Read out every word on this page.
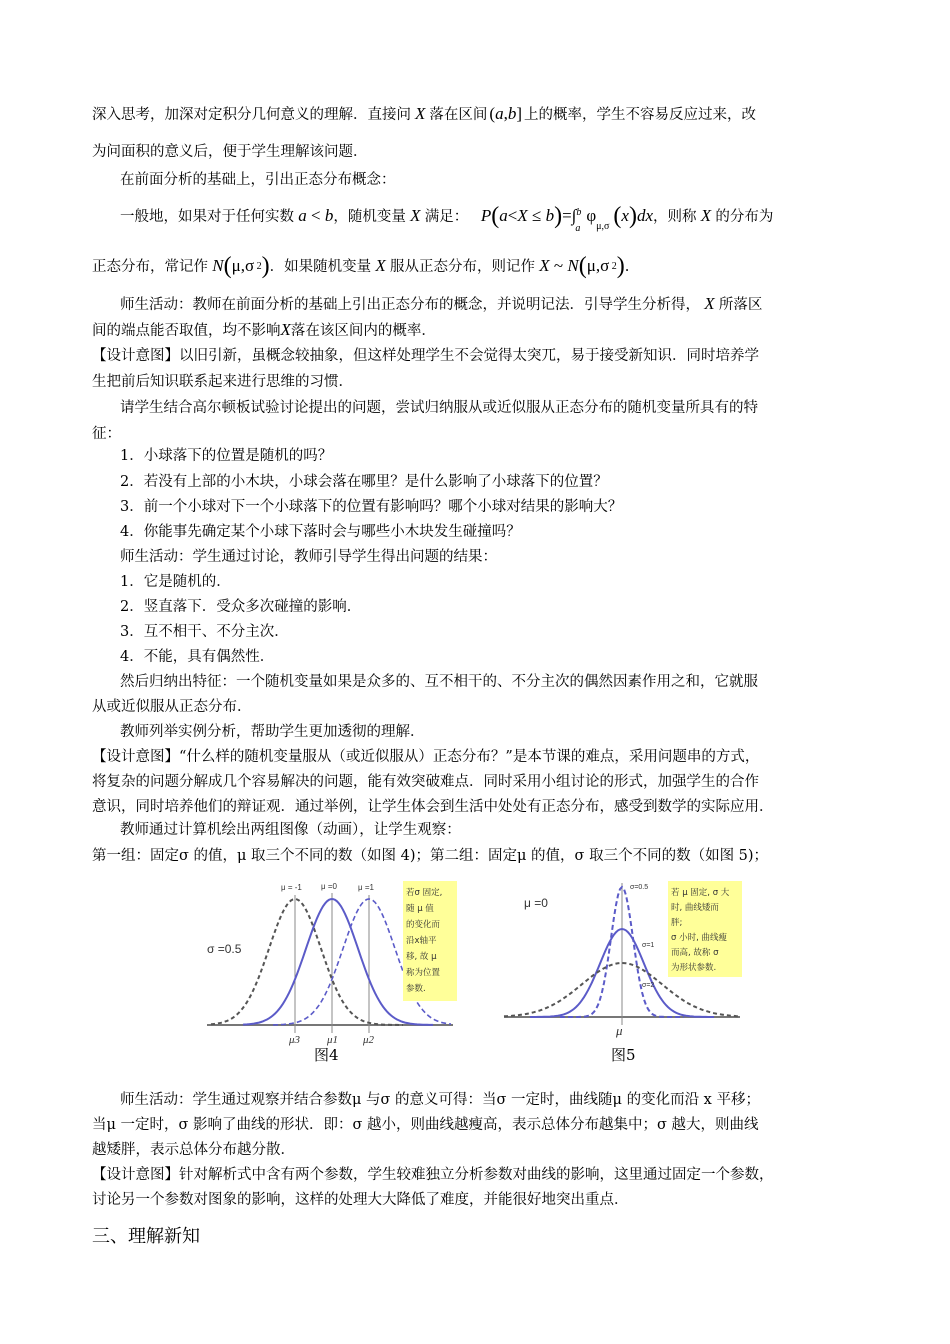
深入思考，加深对定积分几何意义的理解．直接问 X 落在区间 (a,b] 上的概率，学生不容易反应过来，改
为问面积的意义后，便于学生理解该问题．
在前面分析的基础上，引出正态分布概念：
一般地，如果对于任何实数 a < b，随机变量 X 满足： $P(a<X \le b)=\int^b_a\varphi_{\mu,\sigma}$ (x)dx，则称 X 的分布为
正态分布，常记作 N(μ,σ 2)．如果随机变量 X 服从正态分布，则记作 X ~ N(μ,σ 2).
师生活动：教师在前面分析的基础上引出正态分布的概念，并说明记法．引导学生分析得， X 所落区
间的端点能否取值，均不影响X落在该区间内的概率．
【设计意图】以旧引新，虽概念较抽象，但这样处理学生不会觉得太突兀，易于接受新知识．同时培养学
生把前后知识联系起来进行思维的习惯．
请学生结合高尔顿板试验讨论提出的问题，尝试归纳服从或近似服从正态分布的随机变量所具有的特
征：
1．小球落下的位置是随机的吗？
2．若没有上部的小木块，小球会落在哪里？是什么影响了小球落下的位置？
3．前一个小球对下一个小球落下的位置有影响吗？哪个小球对结果的影响大？
4．你能事先确定某个小球下落时会与哪些小木块发生碰撞吗？
师生活动：学生通过讨论，教师引导学生得出问题的结果：
1．它是随机的．
2．竖直落下．受众多次碰撞的影响．
3．互不相干、不分主次．
4．不能，具有偶然性．
然后归纳出特征：一个随机变量如果是众多的、互不相干的、不分主次的偶然因素作用之和，它就服
从或近似服从正态分布．
教师列举实例分析，帮助学生更加透彻的理解．
【设计意图】“什么样的随机变量服从（或近似服从）正态分布？”是本节课的难点，采用问题串的方式，
将复杂的问题分解成几个容易解决的问题，能有效突破难点．同时采用小组讨论的形式，加强学生的合作
意识，同时培养他们的辩证观．通过举例，让学生体会到生活中处处有正态分布，感受到数学的实际应用．
教师通过计算机绘出两组图像（动画），让学生观察：
第一组：固定σ 的值，μ 取三个不同的数（如图 4)；第二组：固定μ 的值，σ 取三个不同的数（如图 5)；
σ =0.5
μ = -1 μ =0	μ =1
μ3 μ1 μ2
若σ 固定,
随 μ 值
的变化而
沿x轴平
移, 故 μ
称为位置
参数.
图4
μ =0
σ=0.5
σ=1
σ=2
μ
若 μ 固定, σ 大
时, 曲线矮而
胖;
σ 小时, 曲线瘦
而高, 故称 σ
为形状参数.
图5
师生活动：学生通过观察并结合参数μ 与σ 的意义可得：当σ 一定时，曲线随μ 的变化而沿 x 平移；
当μ 一定时，σ 影响了曲线的形状．即：σ 越小，则曲线越瘦高，表示总体分布越集中；σ 越大，则曲线
越矮胖，表示总体分布越分散．
【设计意图】针对解析式中含有两个参数，学生较难独立分析参数对曲线的影响，这里通过固定一个参数，
讨论另一个参数对图象的影响，这样的处理大大降低了难度，并能很好地突出重点．
三、理解新知
